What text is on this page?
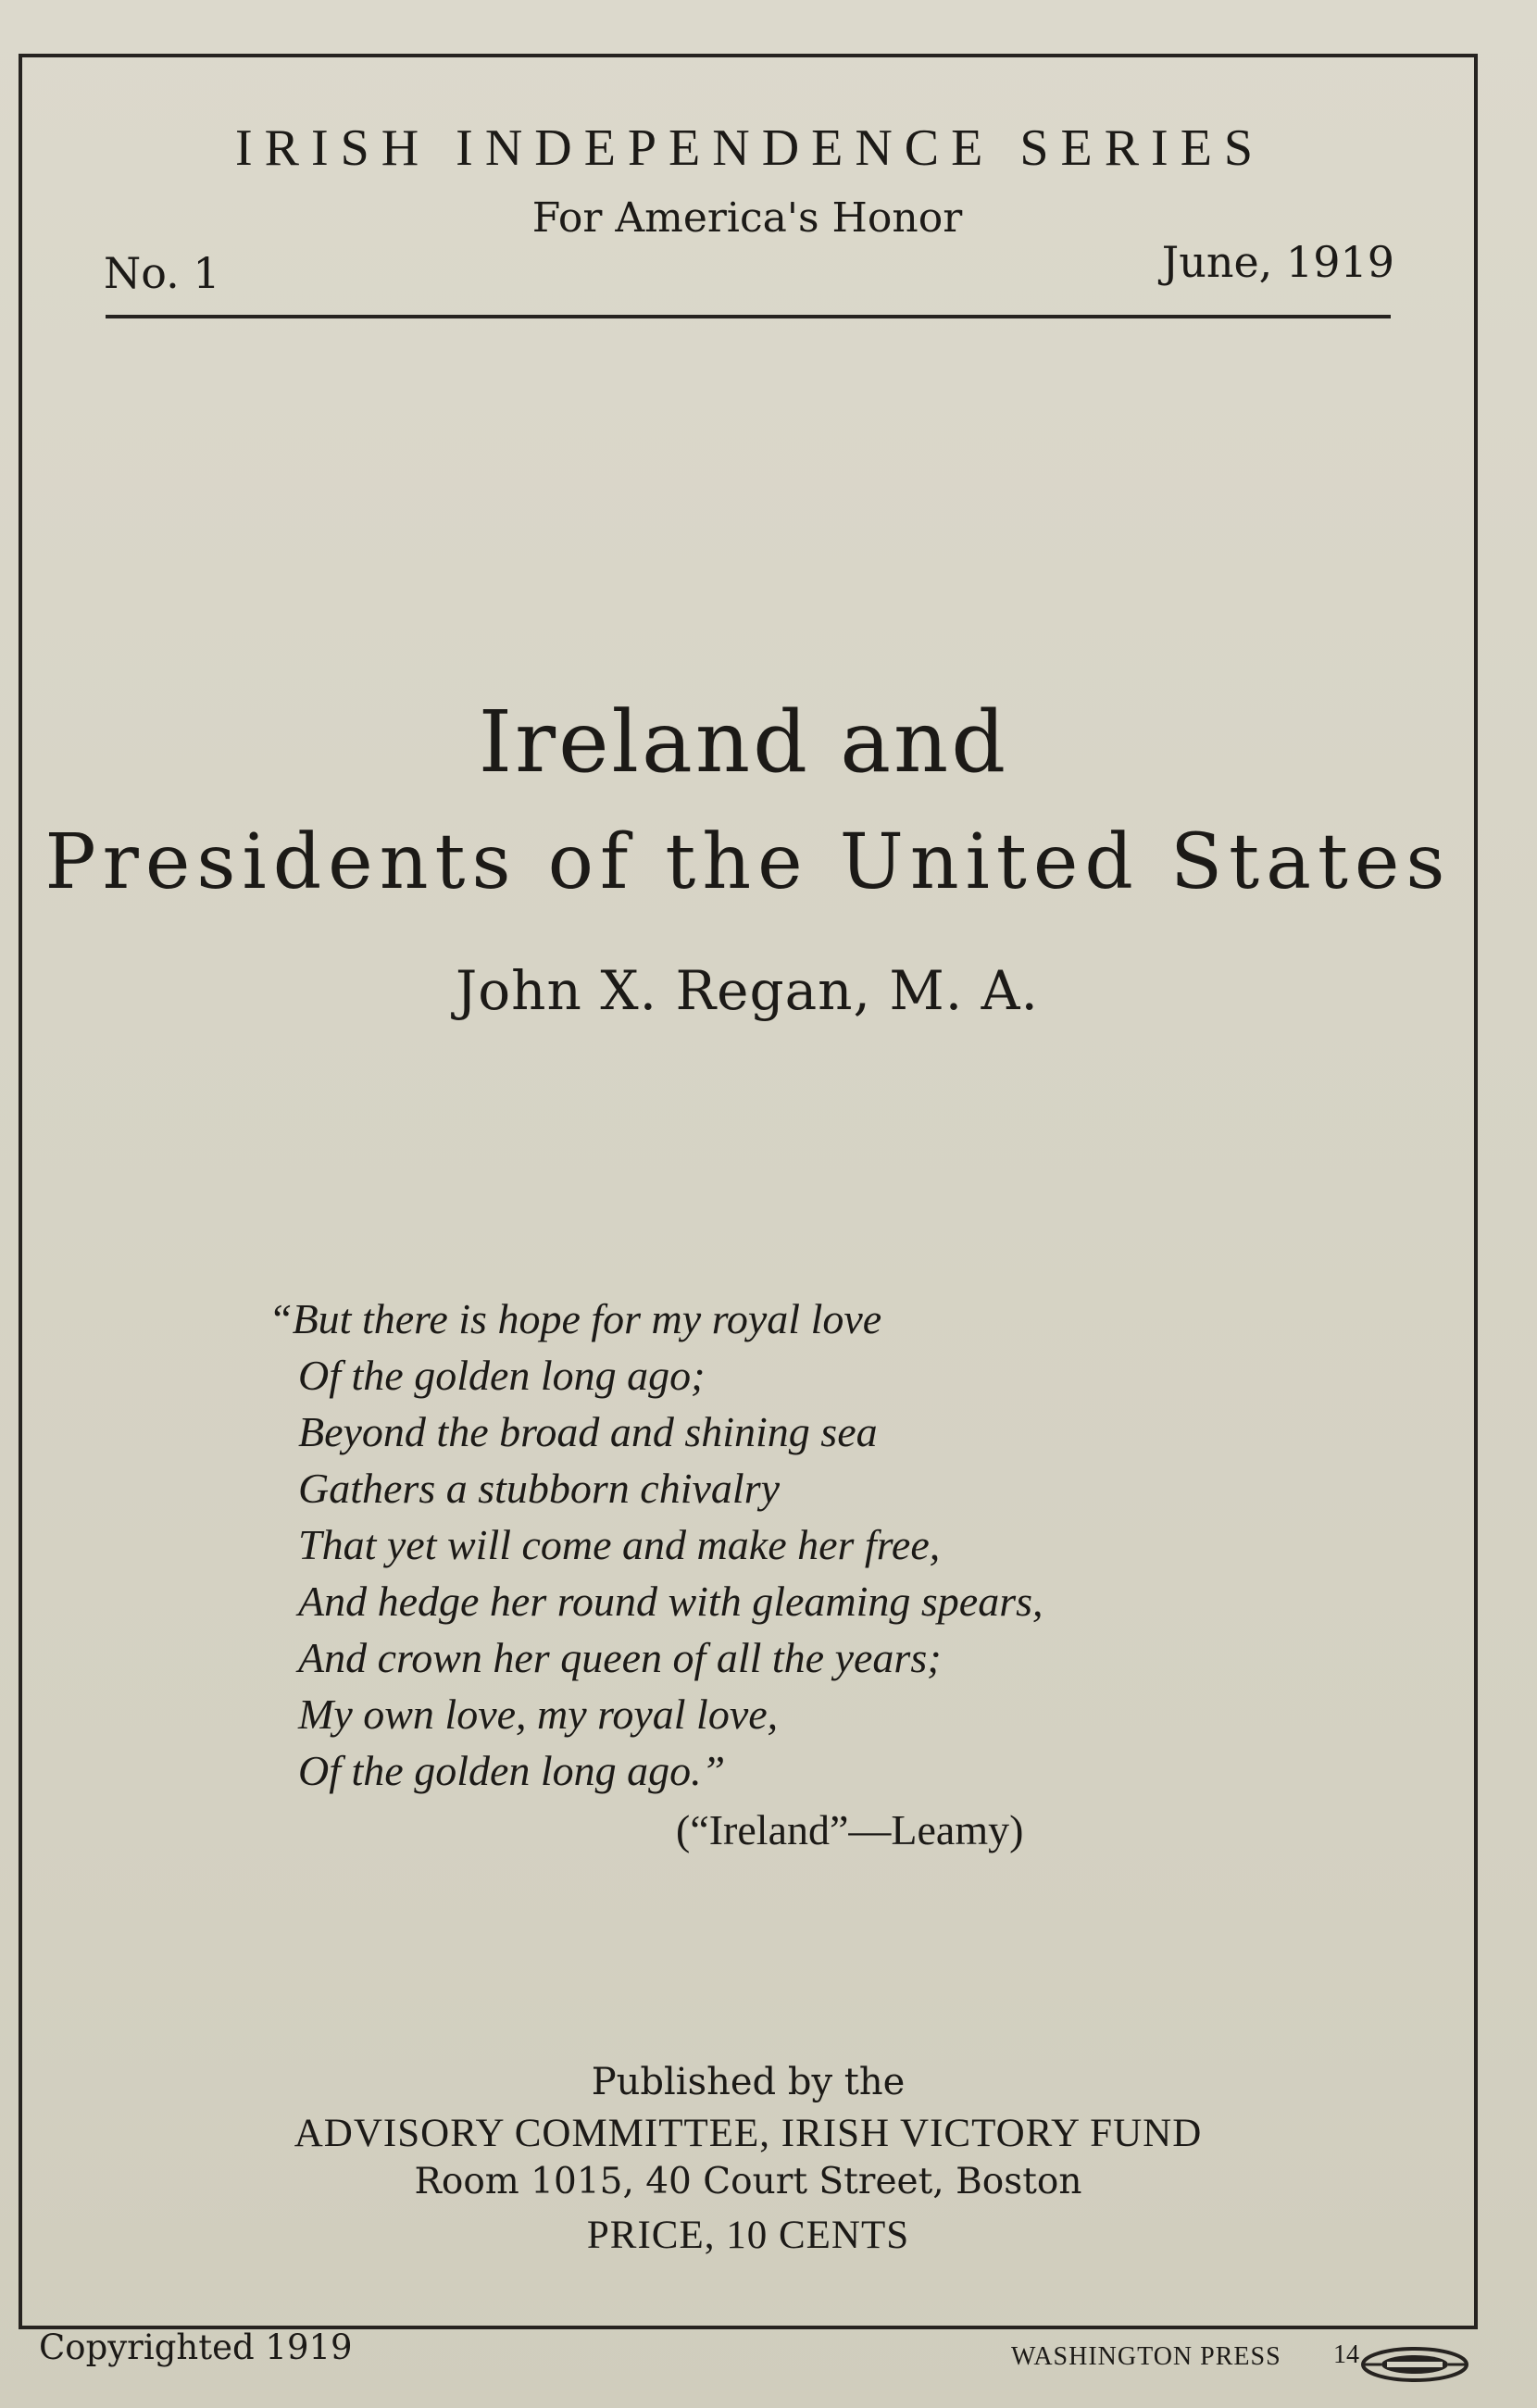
IRISH INDEPENDENCE SERIES
For America's Honor
No. 1	June, 1919
Ireland and
Presidents of the United States
John X. Regan, M. A.
“But there is hope for my royal love
Of the golden long ago;
Beyond the broad and shining sea
Gathers a stubborn chivalry
That yet will come and make her free,
And hedge her round with gleaming spears,
And crown her queen of all the years;
My own love, my royal love,
Of the golden long ago.”
(“Ireland”—Leamy)
Published by the
ADVISORY COMMITTEE, IRISH VICTORY FUND
Room 1015, 40 Court Street, Boston
PRICE, 10 CENTS
Copyrighted 1919	WASHINGTON PRESS 14
